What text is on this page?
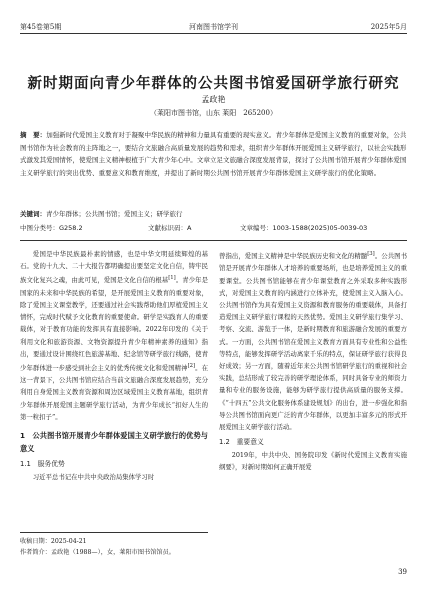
第45卷第5期	河南图书馆学刊	2025年5月
新时期面向青少年群体的公共图书馆爱国研学旅行研究
孟政艳
（莱阳市图书馆，山东 莱阳　265200）

摘　要：加强新时代爱国主义教育对于凝聚中华民族的精神和力量具有重要的现实意义。青少年群体是爱国主义教育的重要对象，公共图书馆作为社会教育的主阵地之一，要结合文旅融合高质量发展的趋势和需求，组织青少年群体开展爱国主义研学旅行，以社会实践形式激发其爱国情怀，使爱国主义精神根植于广大青少年心中。文章立足文旅融合深度发展背景，探讨了公共图书馆开展青少年群体爱国主义研学旅行的突出优势、重要意义和教育维度，并提出了新时期公共图书馆开展青少年群体爱国主义研学旅行的优化策略。

关键词：青少年群体；公共图书馆；爱国主义；研学旅行
中图分类号：G258.2	文献标识码：A	文章编号：1003-1588(2025)05-0039-03

爱国是中华民族最朴素的情感，也是中华文明延续辉煌的基石。党的十九大、二十大报告都明确提出要坚定文化自信，铸牢民族文化复兴之魂，由此可见，爱国是文化自信的根基[1]。青少年是国家的未来和中华民族的希望，是开展爱国主义教育的重要对象，除了爱国主义课堂教学，还要通过社会实践帮助他们厚植爱国主义情怀，完成时代赋予文化教育的重要使命。研学是实践育人的重要载体，对于教育功能的发挥具有直接影响。2022年印发的《关于利用文化和旅游资源、文物资源提升青少年精神素养的通知》指出，要通过设计围绕红色旅游基地、纪念馆等研学旅行线路，使青少年群体进一步感受到社会主义的优秀传统文化和爱国精神[2]。在这一背景下，公共图书馆应结合当前文旅融合深度发展趋势，充分利用自身爱国主义教育资源和周边区域爱国主义教育基地，组织青少年群体开展爱国主题研学旅行活动，为青少年成长“扣好人生的第一粒扣子”。

1　公共图书馆开展青少年群体爱国主义研学旅行的优势与意义
1.1　服务优势

习近平总书记在中共中央政治局集体学习时

曾指出，爱国主义精神是中华民族历史和文化的精髓[3]。公共图书馆是开展青少年群体人才培养的重要场所，也是培养爱国主义的重要课堂。公共图书馆能够在青少年课堂教育之外采取多种实践形式，对爱国主义教育的内涵进行立体补充，使爱国主义入脑入心。公共图书馆作为具有爱国主义资源和教育服务的重要载体，具备打造爱国主义研学旅行课程的天然优势。爱国主义研学旅行集学习、考察、交流、游览于一体，是新时期教育和旅游融合发展的重要方式。一方面，公共图书馆在爱国主义教育方面具有专业性和公益性等特点，能够发挥研学活动离家千乐的特点，保证研学旅行获得良好成效；另一方面，随着近年来公共图书馆研学旅行的重视和社会实践，总结形成了较完善的研学理论体系，同时具备专业的师资力量和专业的服务设施，能够为研学旅行提供高质量的服务支撑。《“十四五”公共文化服务体系建设规划》的出台，进一步强化和指导公共图书馆面向更广泛的青少年群体，以更加丰富多元的形式开展爱国主义研学旅行活动。

1.2　重要意义

2019年，中共中央、国务院印发《新时代爱国主义教育实施纲要》，对新时期如何正确开展爱

收稿日期：2025-04-21

作者简介：孟政艳（1988—），女，莱阳市图书馆馆员。

39
